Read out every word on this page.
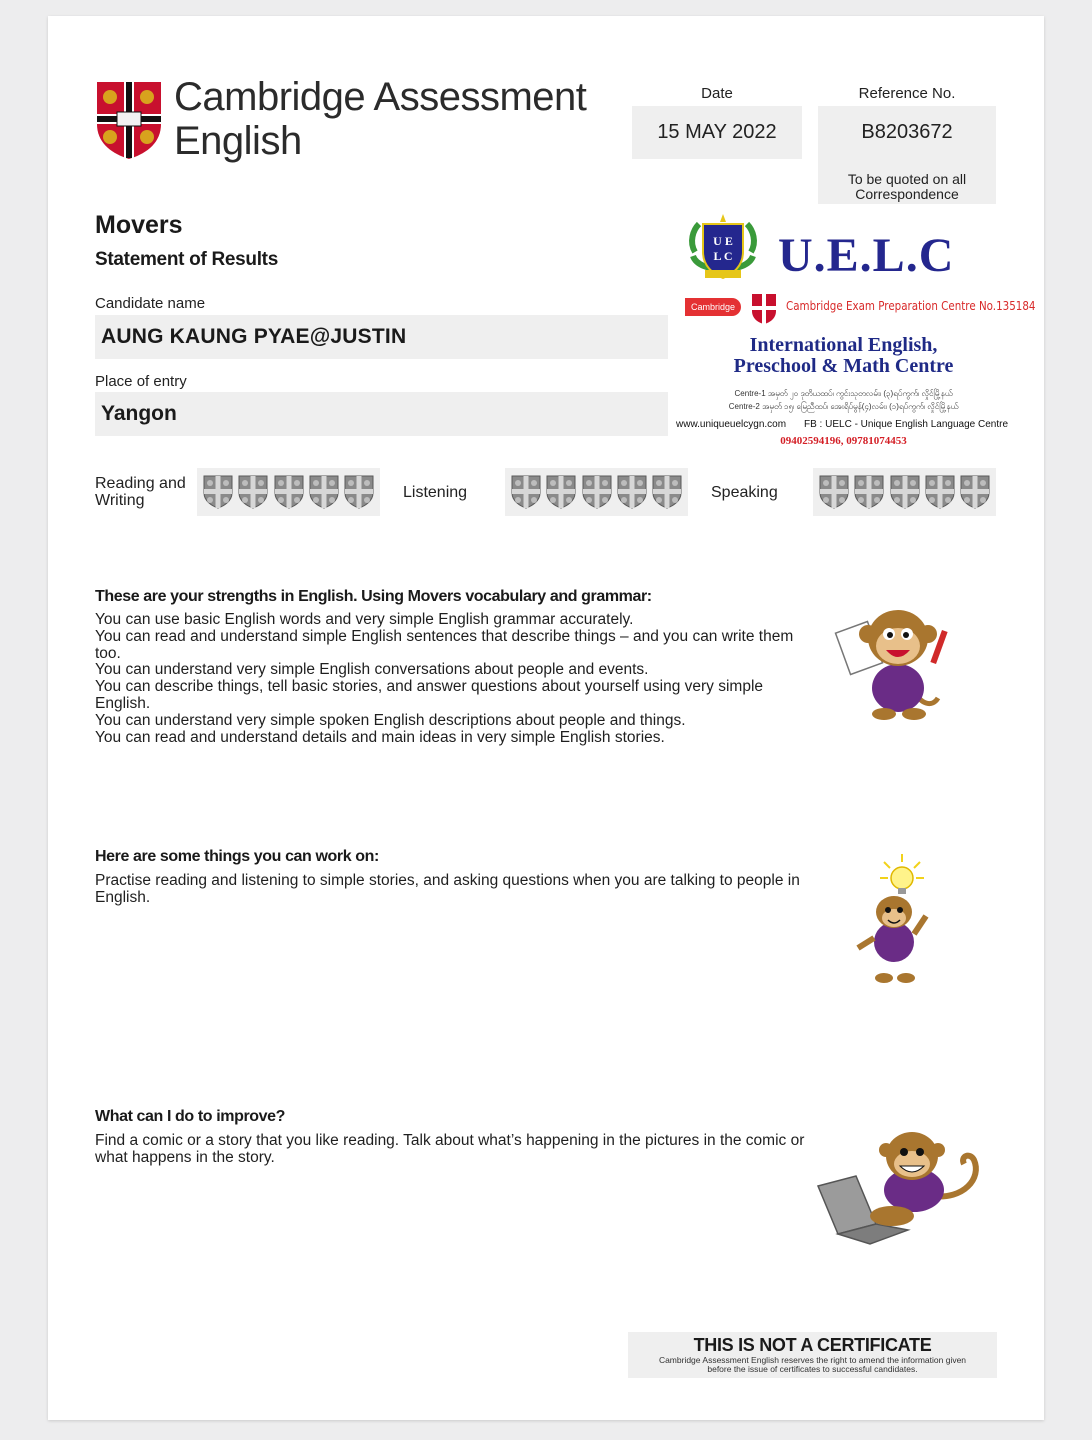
Cambridge Assessment
English
Date
15 MAY 2022
Reference No.
B8203672
To be quoted on all
Correspondence
Movers
Statement of Results
Candidate name
AUNG KAUNG PYAE@JUSTIN
Place of entry
Yangon
U E
L C U.E.L.C
Cambridge	Cambridge Exam Preparation Centre No.135184
International English,
Preschool & Math Centre
Centre-1 အမှတ် ၂၀ ဒုတိယထပ်၊ ကွင်းသုတလမ်း၊ (၃)ရပ်ကွက်၊ လှိုင်မြို့နယ်
Centre-2 အမှတ် ၁၅၊ မြေညီထပ်၊ အေးရိပ်မွန်(၄)လမ်း၊ (၁)ရပ်ကွက်၊ လှိုင်မြို့နယ်
www.uniqueuelcygn.com FB : UELC - Unique English Language Centre
09402594196, 09781074453
Reading and
Writing	Listening	Speaking
These are your strengths in English. Using Movers vocabulary and grammar:

You can use basic English words and very simple English grammar accurately.

You can read and understand simple English sentences that describe things – and you can write them too.

You can understand very simple English conversations about people and events.

You can describe things, tell basic stories, and answer questions about yourself using very simple English.

You can understand very simple spoken English descriptions about people and things.

You can read and understand details and main ideas in very simple English stories.

Here are some things you can work on:
Practise reading and listening to simple stories, and asking questions when you are talking to people in English.
What can I do to improve?
Find a comic or a story that you like reading. Talk about what’s happening in the pictures in the comic or what happens in the story.
THIS IS NOT A CERTIFICATE
Cambridge Assessment English reserves the right to amend the information given
before the issue of certificates to successful candidates.
